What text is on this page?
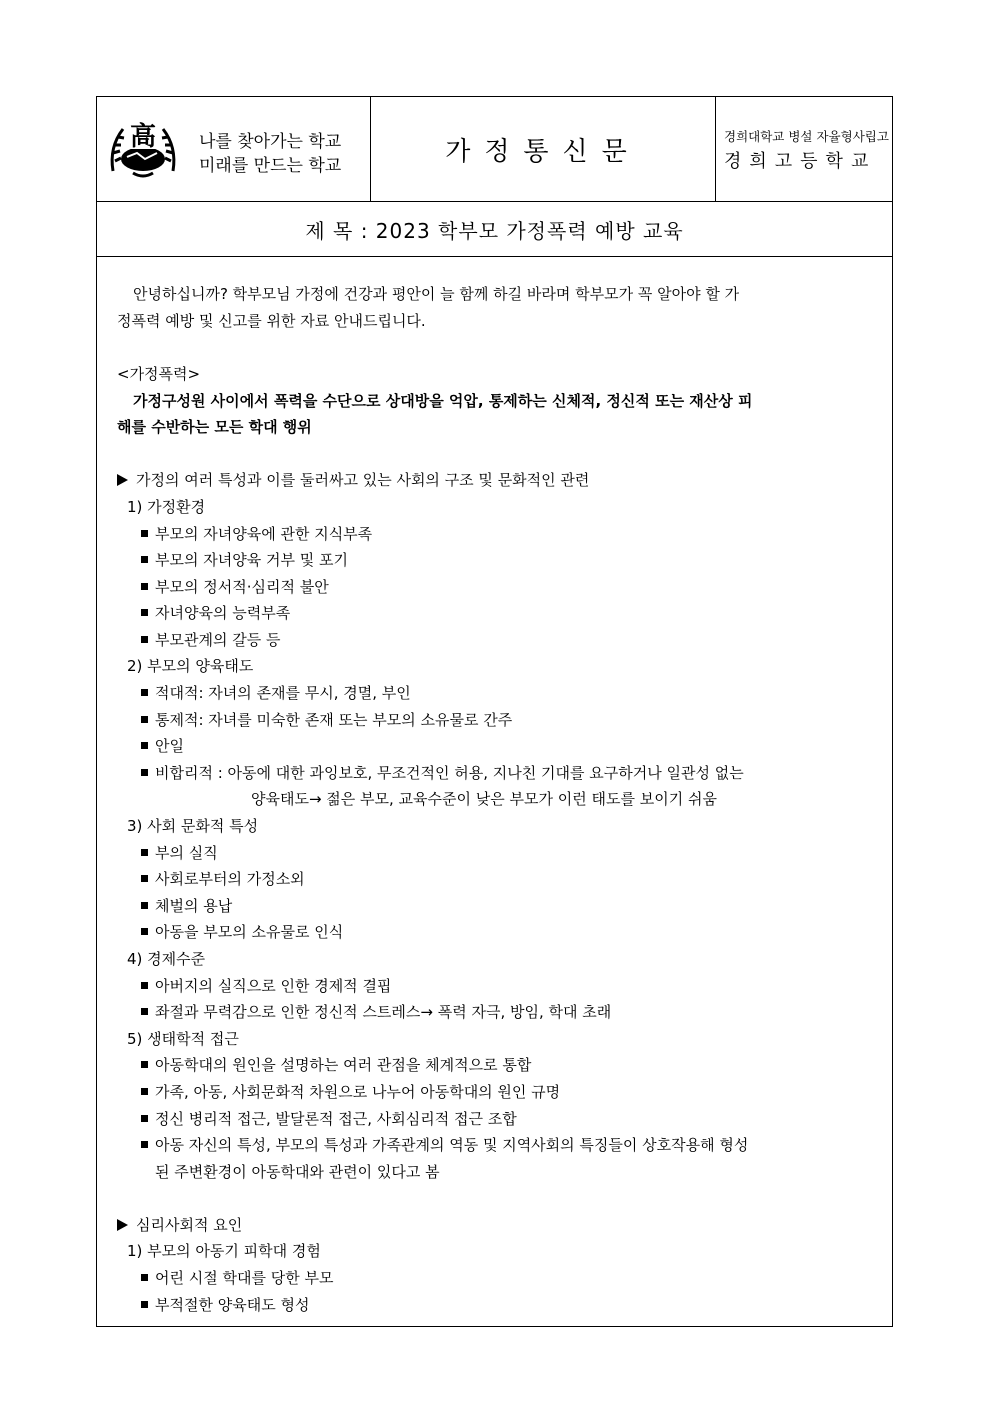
高	나를 찾아가는 학교
미래를 만드는 학교	가정통신문
경희대학교 병설 자율형사립고
경희고등학교
제 목 : 2023 학부모 가정폭력 예방 교육
안녕하십니까? 학부모님 가정에 건강과 평안이 늘 함께 하길 바라며 학부모가 꼭 알아야 할 가
정폭력 예방 및 신고를 위한 자료 안내드립니다.
<가정폭력>
가정구성원 사이에서 폭력을 수단으로 상대방을 억압, 통제하는 신체적, 정신적 또는 재산상 피
해를 수반하는 모든 학대 행위
가정의 여러 특성과 이를 둘러싸고 있는 사회의 구조 및 문화적인 관련
1) 가정환경
부모의 자녀양육에 관한 지식부족
부모의 자녀양육 거부 및 포기
부모의 정서적·심리적 불안
자녀양육의 능력부족
부모관계의 갈등 등
2) 부모의 양육태도
적대적: 자녀의 존재를 무시, 경멸, 부인
통제적: 자녀를 미숙한 존재 또는 부모의 소유물로 간주
안일
비합리적 : 아동에 대한 과잉보호, 무조건적인 허용, 지나친 기대를 요구하거나 일관성 없는
양육태도→ 젊은 부모, 교육수준이 낮은 부모가 이런 태도를 보이기 쉬움
3) 사회 문화적 특성
부의 실직
사회로부터의 가정소외
체벌의 용납
아동을 부모의 소유물로 인식
4) 경제수준
아버지의 실직으로 인한 경제적 결핍
좌절과 무력감으로 인한 정신적 스트레스→ 폭력 자극, 방임, 학대 초래
5) 생태학적 접근
아동학대의 원인을 설명하는 여러 관점을 체계적으로 통합
가족, 아동, 사회문화적 차원으로 나누어 아동학대의 원인 규명
정신 병리적 접근, 발달론적 접근, 사회심리적 접근 조합
아동 자신의 특성, 부모의 특성과 가족관계의 역동 및 지역사회의 특징들이 상호작용해 형성
된 주변환경이 아동학대와 관련이 있다고 봄
심리사회적 요인
1) 부모의 아동기 피학대 경험
어린 시절 학대를 당한 부모
부적절한 양육태도 형성
